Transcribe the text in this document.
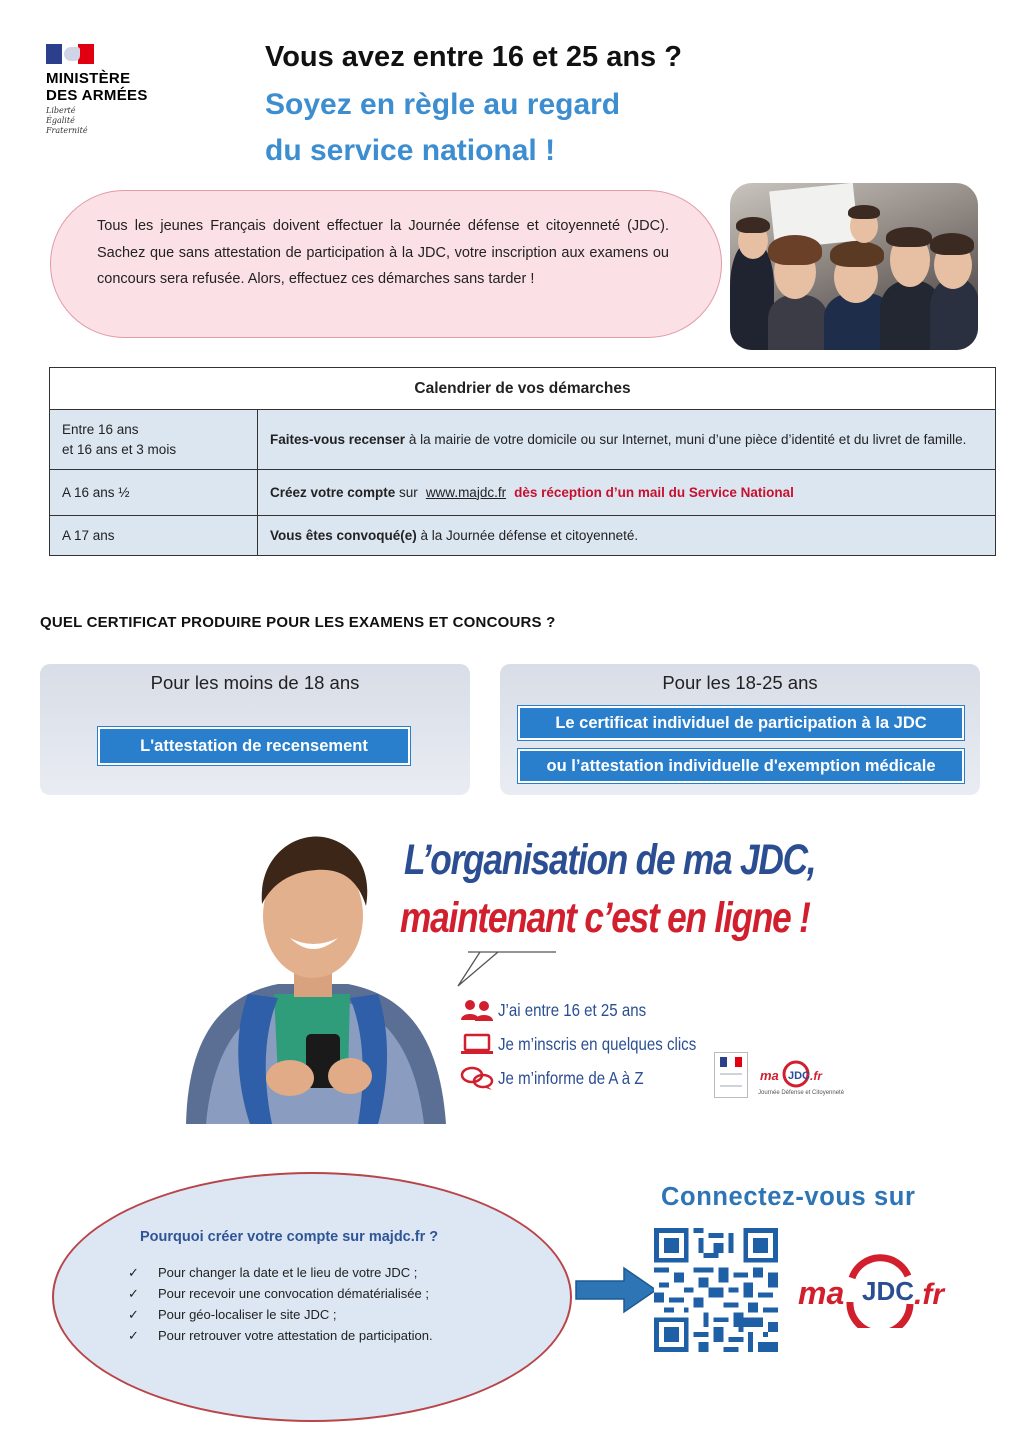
MINISTÈRE
DES ARMÉES
Liberté
Égalité
Fraternité
Vous avez entre 16 et 25 ans ?
Soyez en règle au regard
du service national !

Tous les jeunes Français doivent effectuer la Journée défense et citoyenneté (JDC). Sachez que sans attestation de participation à la JDC, votre inscription aux examens ou concours sera refusée. Alors, effectuez ces démarches sans tarder !

Calendrier de vos démarches	

Entre 16 ans
et 16 ans et 3 mois	Faites-vous recenser à la mairie de votre domicile ou sur Internet, muni d’une pièce d’identité et du livret de famille.
A 16 ans ½	Créez votre compte sur www.majdc.fr dès réception d’un mail du Service National
A 17 ans	Vous êtes convoqué(e) à la Journée défense et citoyenneté.
QUEL CERTIFICAT PRODUIRE POUR LES EXAMENS ET CONCOURS ?
Pour les moins de 18 ans
L'attestation de recensement
Pour les 18-25 ans
Le certificat individuel de participation à la JDC
ou l’attestation individuelle d'exemption médicale
L’organisation de ma JDC,
maintenant c’est en ligne !
J’ai entre 16 et 25 ans
Je m’inscris en quelques clics
Je m’informe de A à Z	ma JDC .fr
Journée Défense et Citoyenneté
Pourquoi créer votre compte sur majdc.fr ?
✓	Pour changer la date et le lieu de votre JDC ;
✓	Pour recevoir une convocation dématérialisée ;
✓	Pour géo-localiser le site JDC ;
✓	Pour retrouver votre attestation de participation.
Connectez-vous sur
ma JDC .fr
